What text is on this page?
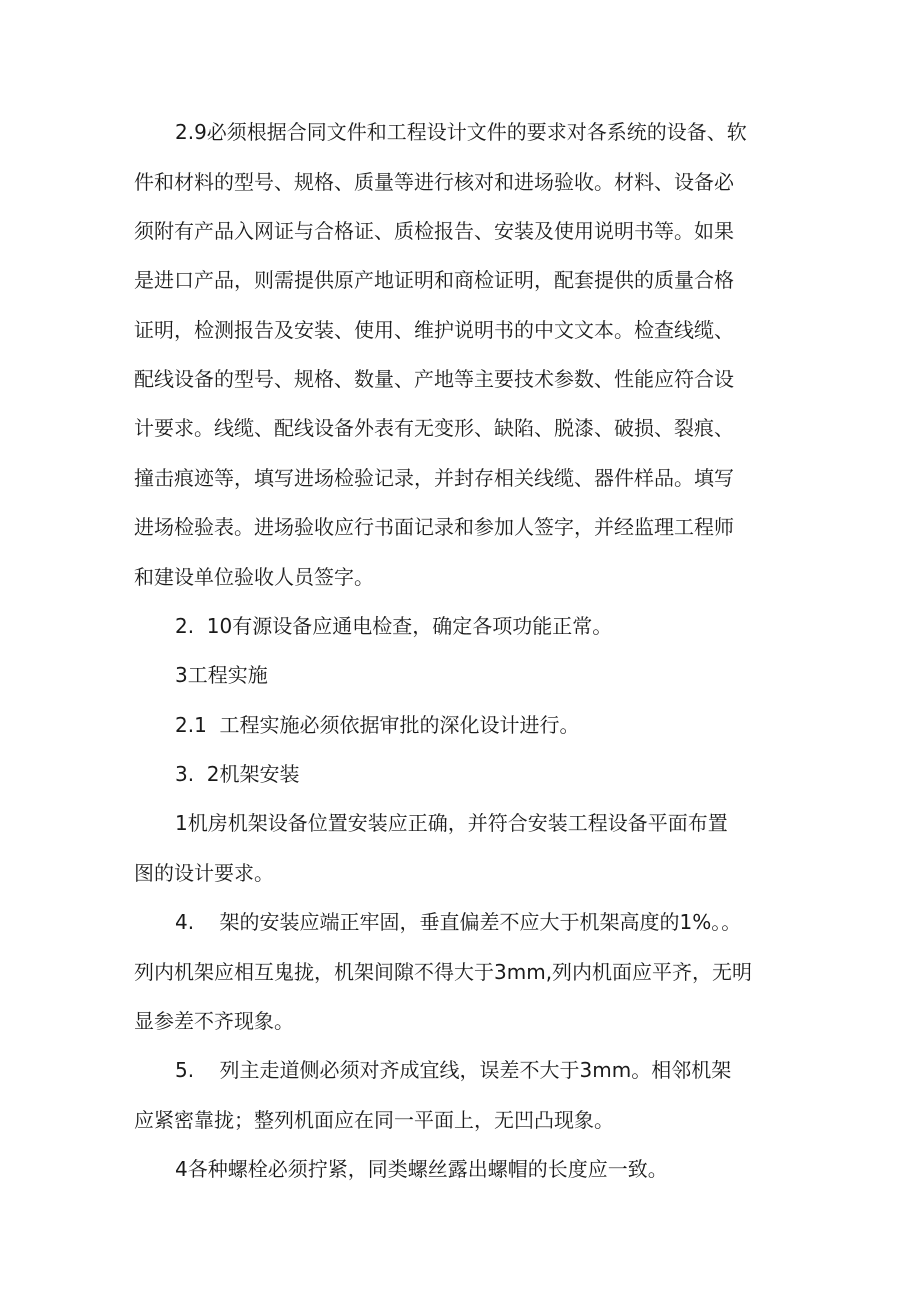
2.9必须根据合同文件和工程设计文件的要求对各系统的设备、软

件和材料的型号、规格、质量等进行核对和进场验收。材料、设备必

须附有产品入网证与合格证、质检报告、安装及使用说明书等。如果

是进口产品，则需提供原产地证明和商检证明，配套提供的质量合格

证明，检测报告及安装、使用、维护说明书的中文文本。检查线缆、

配线设备的型号、规格、数量、产地等主要技术参数、性能应符合设

计要求。线缆、配线设备外表有无变形、缺陷、脱漆、破损、裂痕、

撞击痕迹等，填写进场检验记录，并封存相关线缆、器件样品。填写

进场检验表。进场验收应行书面记录和参加人签字，并经监理工程师

和建设单位验收人员签字。

2.  10有源设备应通电检查，确定各项功能正常。

3工程实施

2.1  工程实施必须依据审批的深化设计进行。

3.  2机架安装

1机房机架设备位置安装应正确，并符合安装工程设备平面布置

图的设计要求。

4.    架的安装应端正牢固，垂直偏差不应大于机架高度的1%。。

列内机架应相互鬼拢，机架间隙不得大于3mm,列内机面应平齐，无明

显参差不齐现象。

5.    列主走道侧必须对齐成宜线，误差不大于3mm。相邻机架

应紧密靠拢；整列机面应在同一平面上，无凹凸现象。

4各种螺栓必须拧紧，同类螺丝露出螺帽的长度应一致。
